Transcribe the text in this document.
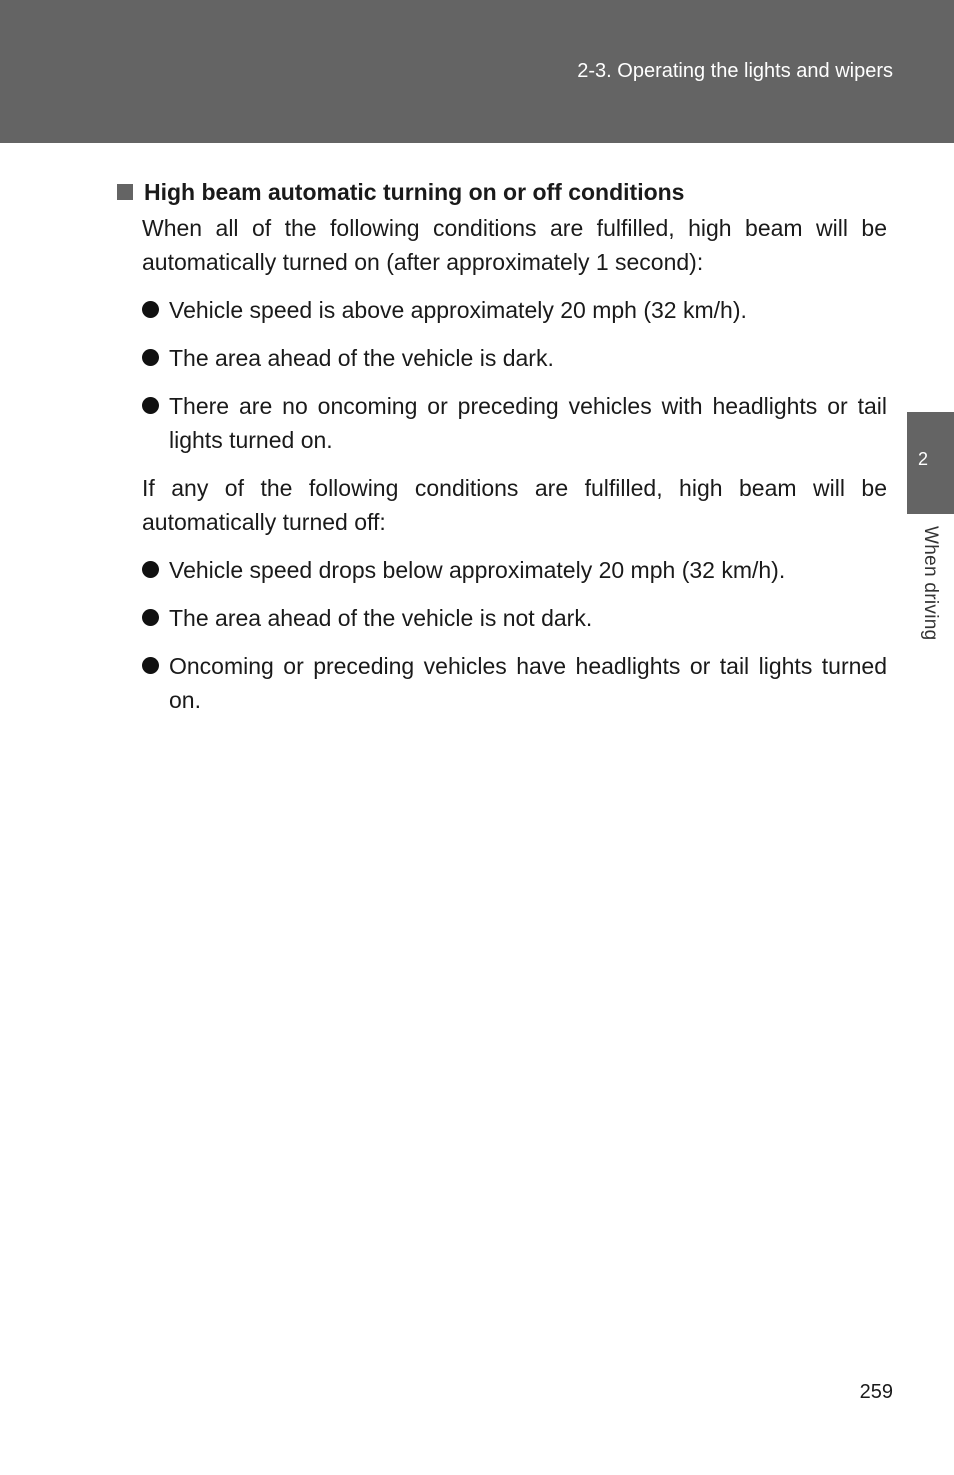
2-3. Operating the lights and wipers
2
When driving
High beam automatic turning on or off conditions

When all of the following conditions are fulfilled, high beam will be automatically turned on (after approximately 1 second):

Vehicle speed is above approximately 20 mph (32 km/h).
The area ahead of the vehicle is dark.
There are no oncoming or preceding vehicles with headlights or tail lights turned on.

If any of the following conditions are fulfilled, high beam will be automatically turned off:

Vehicle speed drops below approximately 20 mph (32 km/h).
The area ahead of the vehicle is not dark.
Oncoming or preceding vehicles have headlights or tail lights turned on.
259
